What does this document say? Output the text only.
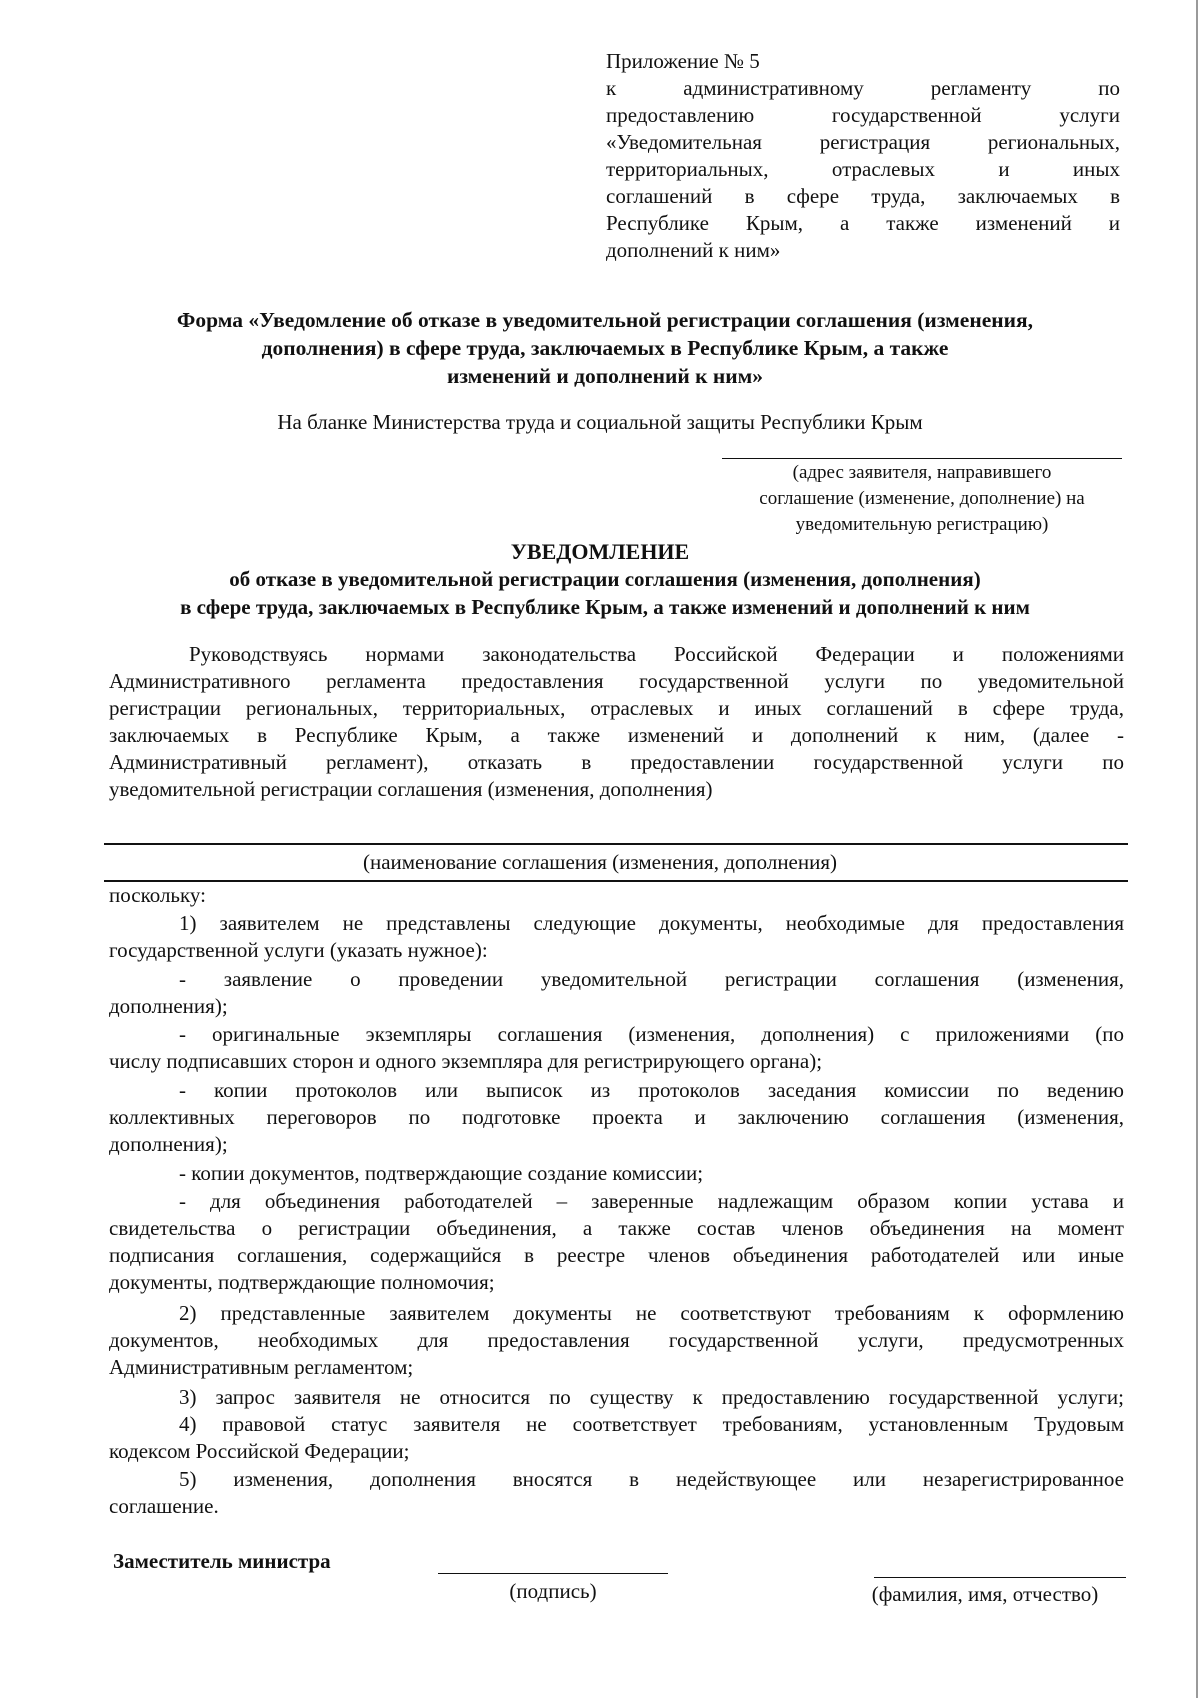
Приложение № 5
к административному регламенту по
предоставлению государственной услуги
«Уведомительная регистрация региональных,
территориальных, отраслевых и иных
соглашений в сфере труда, заключаемых в
Республике Крым, а также изменений и
дополнений к ним»
Форма «Уведомление об отказе в уведомительной регистрации соглашения (изменения,
дополнения) в сфере труда, заключаемых в Республике Крым, а также
изменений и дополнений к ним»
На бланке Министерства труда и социальной защиты Республики Крым
(адрес заявителя, направившего
соглашение (изменение, дополнение) на
уведомительную регистрацию)
УВЕДОМЛЕНИЕ
об отказе в уведомительной регистрации соглашения (изменения, дополнения)
в сфере труда, заключаемых в Республике Крым, а также изменений и дополнений к ним
Руководствуясь нормами законодательства Российской Федерации и положениями
Административного регламента предоставления государственной услуги по уведомительной
регистрации региональных, территориальных, отраслевых и иных соглашений в сфере труда,
заключаемых в Республике Крым, а также изменений и дополнений к ним, (далее -
Административный регламент), отказать в предоставлении государственной услуги по
уведомительной регистрации соглашения (изменения, дополнения)
(наименование соглашения (изменения, дополнения)
поскольку:
1) заявителем не представлены следующие документы, необходимые для предоставления
государственной услуги (указать нужное):
- заявление о проведении уведомительной регистрации соглашения (изменения,
дополнения);
- оригинальные экземпляры соглашения (изменения, дополнения) с приложениями (по
числу подписавших сторон и одного экземпляра для регистрирующего органа);
- копии протоколов или выписок из протоколов заседания комиссии по ведению
коллективных переговоров по подготовке проекта и заключению соглашения (изменения,
дополнения);
- копии документов, подтверждающие создание комиссии;
- для объединения работодателей – заверенные надлежащим образом копии устава и
свидетельства о регистрации объединения, а также состав членов объединения на момент
подписания соглашения, содержащийся в реестре членов объединения работодателей или иные
документы, подтверждающие полномочия;
2) представленные заявителем документы не соответствуют требованиям к оформлению
документов, необходимых для предоставления государственной услуги, предусмотренных
Административным регламентом;
3) запрос заявителя не относится по существу к предоставлению государственной услуги;
4) правовой статус заявителя не соответствует требованиям, установленным Трудовым
кодексом Российской Федерации;
5) изменения, дополнения вносятся в недействующее или незарегистрированное
соглашение.
Заместитель министра
(подпись)	(фамилия, имя, отчество)
